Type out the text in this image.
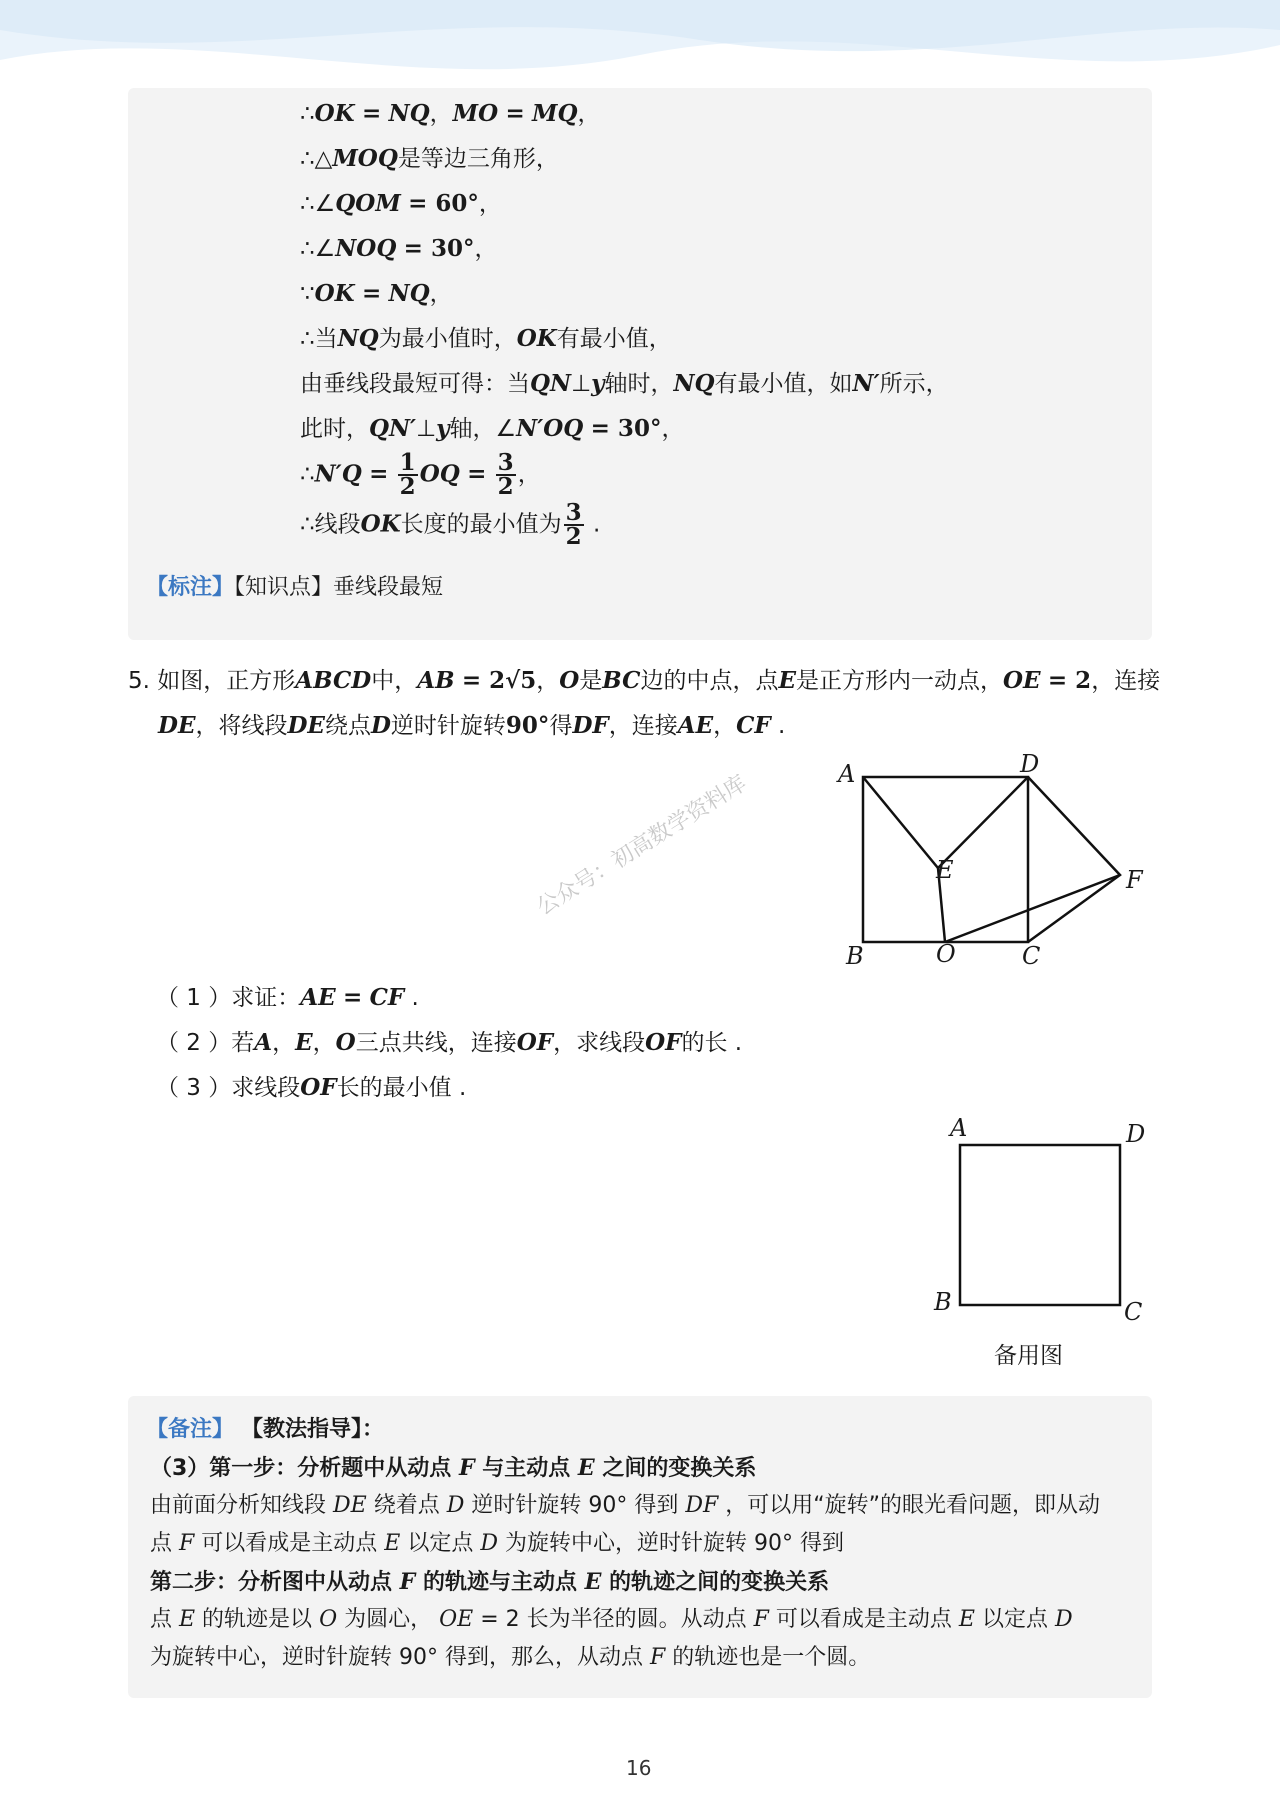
∴OK = NQ，MO = MQ，
∴△MOQ是等边三角形，
∴∠QOM = 60°，
∴∠NOQ = 30°，
∵OK = NQ，
∴当NQ为最小值时，OK有最小值，
由垂线段最短可得：当QN⊥y轴时，NQ有最小值，如N′所示，
此时，QN′⊥y轴，∠N′OQ = 30°，
∴N′Q = $\frac{1}{2}$ OQ = $\frac{3}{2}$ ，
∴线段OK长度的最小值为 $\frac{3}{2}$ .
【标注】【知识点】垂线段最短
5. 如图，正方形ABCD中，AB = 2√5，O是BC边的中点，点E是正方形内一动点，OE = 2，连接
DE，将线段DE绕点D逆时针旋转90°得DF，连接AE，CF .
A	D
E	F
B	O	C
公众号：初高数学资料库
（ 1 ）求证：AE = CF .
（ 2 ）若A，E，O三点共线，连接OF，求线段OF的长 .
（ 3 ）求线段OF长的最小值 .
A	D
B	C
备用图
【备注】 【教法指导】：
（3）第一步：分析题中从动点 F 与主动点 E 之间的变换关系
由前面分析知线段 DE 绕着点 D 逆时针旋转 90° 得到 DF ，可以用“旋转”的眼光看问题，即从动
点 F 可以看成是主动点 E 以定点 D 为旋转中心，逆时针旋转 90° 得到
第二步：分析图中从动点 F 的轨迹与主动点 E 的轨迹之间的变换关系
点 E 的轨迹是以 O 为圆心， OE = 2 长为半径的圆。从动点 F 可以看成是主动点 E 以定点 D
为旋转中心，逆时针旋转 90° 得到，那么，从动点 F 的轨迹也是一个圆。
16
